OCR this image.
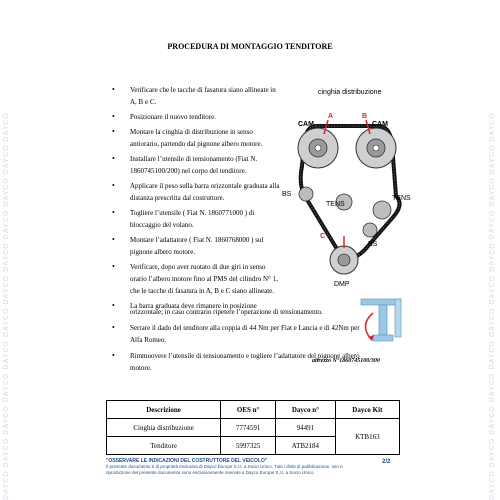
DAYCO DAYCO DAYCO DAYCO DAYCO DAYCO DAYCO DAYCO DAYCO DAYCO DAYCO DAYCO	DAYCO DAYCO DAYCO DAYCO DAYCO DAYCO DAYCO DAYCO DAYCO DAYCO DAYCO DAYCO
PROCEDURA DI MONTAGGIO TENDITORE
• Verificare che le tacche di fasatura siano allineate in A, B e C.
• Posizionare il nuovo tenditore.
• Montare la cinghia di distribuzione in senso antiorario, partendo dal pignone albero motore.
• Installare l’utensile di tensionamento (Fiat N. 1860745100/200) nel corpo del tenditore.
• Applicare il peso sulla barra orizzontale graduata alla distanza prescritta dal costruttore.
• Togliere l’utensile ( Fiat N. 1860771000 ) di bloccaggio del volano.
• Montare l’adattatore ( Fiat N. 1860768000 ) sul pignone albero motore.
• Verificare, dopo aver ruotato di due giri in senso orario l’albero motore fino al PMS del cilindro N° 1, che le tacche di fasatura in A, B e C siano allineate.
• La barra graduata deve rimanere in posizione
orizzontale; in caso contrario ripetere l’operazione di tensionamento.
• Serrare il dado del tenditore alla coppia di 44 Nm per Fiat e Lancia e di 42Nm per Alfa Romeo.
• Rimmuovere l’utensile di tensionamento e togliere l’adattatore del pignone albero motore.
cinghia distribuzione
CAM	CAM
A	B
BS
TENS
TENS
C
BS
DMP
attrezzo N°1860745100/300
Descrizione	OES n°	Dayco n°	Dayco Kit
Cinghia distribuzione	7774591	94491	KTB163
Tenditore	5997325	ATB2184	
"OSSERVARE LE INDICAZIONI DEL COSTRUTTORE DEL VEICOLO"
Il presente documento è di proprietà esclusiva di Dayco Europe S.r.l. a Socio Unico. Tutti i diritti di pubblicazione, uso e
riproduzione del presente documento sono esclusivamente riservati a Dayco Europe S.r.l. a Socio Unico.
2/2
